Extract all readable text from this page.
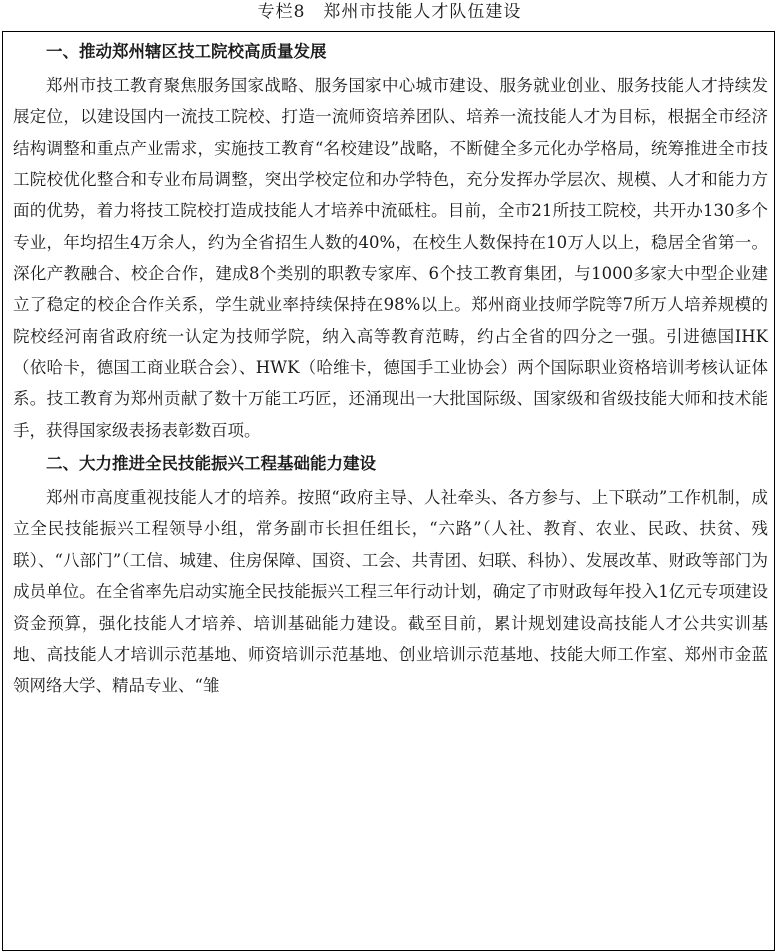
专栏8　郑州市技能人才队伍建设
一、推动郑州辖区技工院校高质量发展

郑州市技工教育聚焦服务国家战略、服务国家中心城市建设、服务就业创业、服务技能人才持续发展定位，以建设国内一流技工院校、打造一流师资培养团队、培养一流技能人才为目标，根据全市经济结构调整和重点产业需求，实施技工教育“名校建设”战略，不断健全多元化办学格局，统筹推进全市技工院校优化整合和专业布局调整，突出学校定位和办学特色，充分发挥办学层次、规模、人才和能力方面的优势，着力将技工院校打造成技能人才培养中流砥柱。目前，全市21所技工院校，共开办130多个专业，年均招生4万余人，约为全省招生人数的40%，在校生人数保持在10万人以上，稳居全省第一。深化产教融合、校企合作，建成8个类别的职教专家库、6个技工教育集团，与1000多家大中型企业建立了稳定的校企合作关系，学生就业率持续保持在98%以上。郑州商业技师学院等7所万人培养规模的院校经河南省政府统一认定为技师学院，纳入高等教育范畴，约占全省的四分之一强。引进德国IHK（依哈卡，德国工商业联合会）、HWK（哈维卡，德国手工业协会）两个国际职业资格培训考核认证体系。技工教育为郑州贡献了数十万能工巧匠，还涌现出一大批国际级、国家级和省级技能大师和技术能手，获得国家级表扬表彰数百项。

二、大力推进全民技能振兴工程基础能力建设

郑州市高度重视技能人才的培养。按照“政府主导、人社牵头、各方参与、上下联动”工作机制，成立全民技能振兴工程领导小组，常务副市长担任组长，“六路”（人社、教育、农业、民政、扶贫、残联）、“八部门”（工信、城建、住房保障、国资、工会、共青团、妇联、科协）、发展改革、财政等部门为成员单位。在全省率先启动实施全民技能振兴工程三年行动计划，确定了市财政每年投入1亿元专项建设资金预算，强化技能人才培养、培训基础能力建设。截至目前，累计规划建设高技能人才公共实训基地、高技能人才培训示范基地、师资培训示范基地、创业培训示范基地、技能大师工作室、郑州市金蓝领网络大学、精品专业、“雏
